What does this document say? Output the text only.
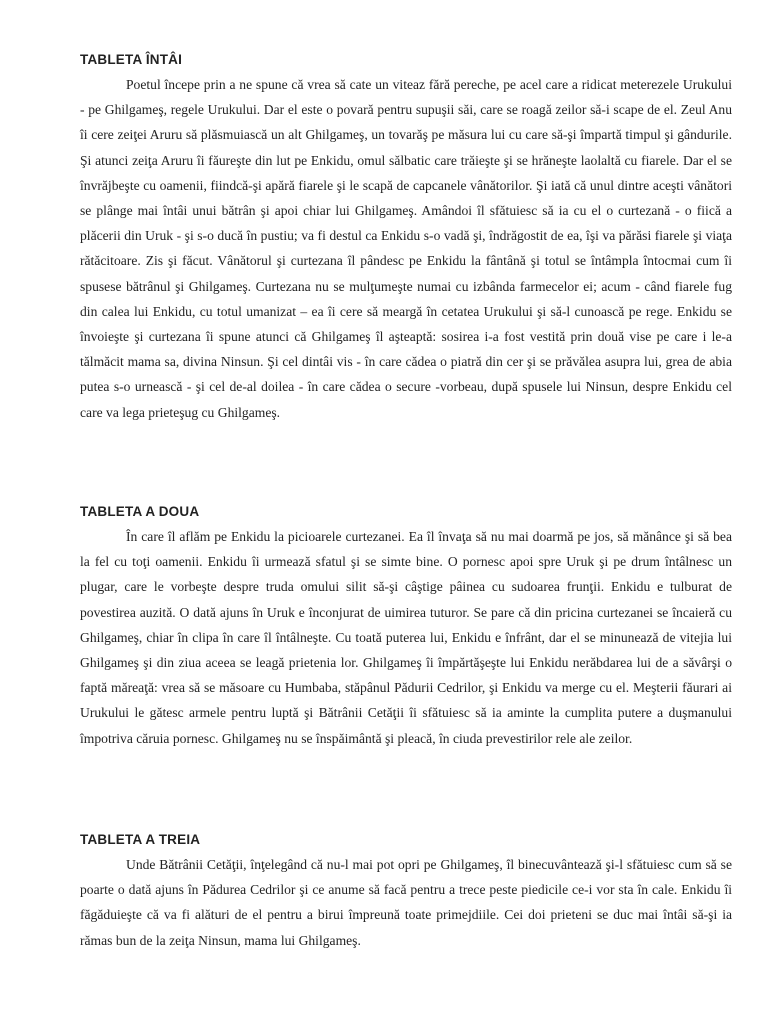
TABLETA ÎNTÂI

Poetul începe prin a ne spune că vrea să cate un viteaz fără pereche, pe acel care a ridicat meterezele Urukului - pe Ghilgameş, regele Urukului. Dar el este o povară pentru supuşii săi, care se roagă zeilor să-i scape de el. Zeul Anu îi cere zeiţei Aruru să plăsmuiască un alt Ghilgameş, un tovarăş pe măsura lui cu care să-şi împartă timpul şi gândurile. Şi atunci zeiţa Aruru îi făureşte din lut pe Enkidu, omul sălbatic care trăieşte şi se hrăneşte laolaltă cu fiarele. Dar el se învrăjbeşte cu oamenii, fiindcă-şi apără fiarele şi le scapă de capcanele vânătorilor. Şi iată că unul dintre aceşti vânători se plânge mai întâi unui bătrân şi apoi chiar lui Ghilgameş. Amândoi îl sfătuiesc să ia cu el o curtezană - o fiică a plăcerii din Uruk - şi s-o ducă în pustiu; va fi destul ca Enkidu s-o vadă şi, îndrăgostit de ea, îşi va părăsi fiarele şi viaţa rătăcitoare. Zis şi făcut. Vânătorul şi curtezana îl pândesc pe Enkidu la fântână şi totul se întâmpla întocmai cum îi spusese bătrânul şi Ghilgameş. Curtezana nu se mulţumeşte numai cu izbânda farmecelor ei; acum - când fiarele fug din calea lui Enkidu, cu totul umanizat – ea îi cere să meargă în cetatea Urukului şi să-l cunoască pe rege. Enkidu se învoieşte şi curtezana îi spune atunci că Ghilgameş îl aşteaptă: sosirea i-a fost vestită prin două vise pe care i le-a tălmăcit mama sa, divina Ninsun. Şi cel dintâi vis - în care cădea o piatră din cer şi se prăvălea asupra lui, grea de abia putea s-o urnească - şi cel de-al doilea - în care cădea o secure -vorbeau, după spusele lui Ninsun, despre Enkidu cel care va lega prieteşug cu Ghilgameş.

TABLETA A DOUA

În care îl aflăm pe Enkidu la picioarele curtezanei. Ea îl învaţa să nu mai doarmă pe jos, să mănânce şi să bea la fel cu toţi oamenii. Enkidu îi urmează sfatul şi se simte bine. O pornesc apoi spre Uruk şi pe drum întâlnesc un plugar, care le vorbeşte despre truda omului silit să-şi câştige pâinea cu sudoarea frunţii. Enkidu e tulburat de povestirea auzită. O dată ajuns în Uruk e înconjurat de uimirea tuturor. Se pare că din pricina curtezanei se încaieră cu Ghilgameş, chiar în clipa în care îl întâlneşte. Cu toată puterea lui, Enkidu e înfrânt, dar el se minunează de vitejia lui Ghilgameş şi din ziua aceea se leagă prietenia lor. Ghilgameş îi împărtăşeşte lui Enkidu nerăbdarea lui de a săvârşi o faptă măreaţă: vrea să se măsoare cu Humbaba, stăpânul Pădurii Cedrilor, şi Enkidu va merge cu el. Meşterii făurari ai Urukului le gătesc armele pentru luptă şi Bătrânii Cetăţii îi sfătuiesc să ia aminte la cumplita putere a duşmanului împotriva căruia pornesc. Ghilgameş nu se înspăimântă şi pleacă, în ciuda prevestirilor rele ale zeilor.

TABLETA A TREIA

Unde Bătrânii Cetăţii, înţelegând că nu-l mai pot opri pe Ghilgameş, îl binecuvântează şi-l sfătuiesc cum să se poarte o dată ajuns în Pădurea Cedrilor şi ce anume să facă pentru a trece peste piedicile ce-i vor sta în cale. Enkidu îi făgăduieşte că va fi alături de el pentru a birui împreună toate primejdiile. Cei doi prieteni se duc mai întâi să-şi ia rămas bun de la zeiţa Ninsun, mama lui Ghilgameş.
